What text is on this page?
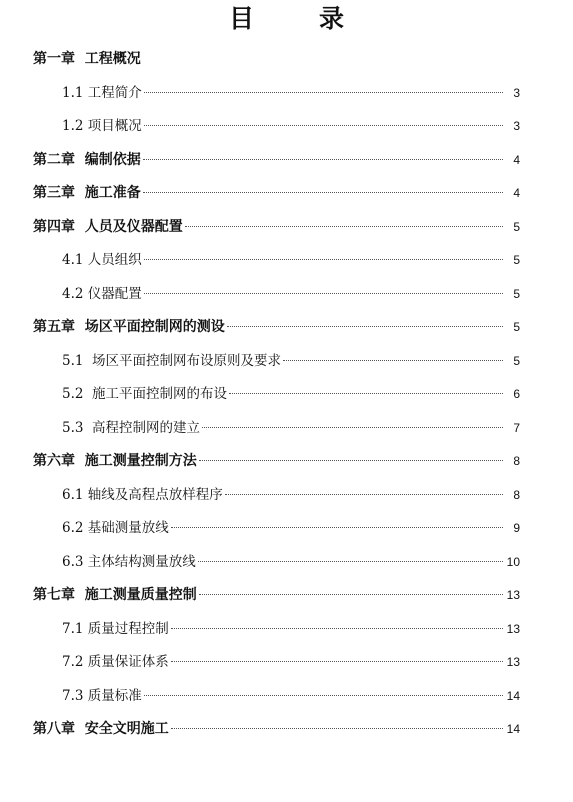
目　录
第一章  工程概况
1.1 工程简介	3
1.2 项目概况	3
第二章  编制依据	4
第三章  施工准备	4
第四章  人员及仪器配置	5
4.1 人员组织	5
4.2 仪器配置	5
第五章  场区平面控制网的测设	5
5.1  场区平面控制网布设原则及要求	5
5.2  施工平面控制网的布设	6
5.3  高程控制网的建立	7
第六章  施工测量控制方法	8
6.1 轴线及高程点放样程序	8
6.2 基础测量放线	9
6.3 主体结构测量放线	10
第七章  施工测量质量控制	13
7.1 质量过程控制	13
7.2 质量保证体系	13
7.3 质量标准	14
第八章  安全文明施工	14
